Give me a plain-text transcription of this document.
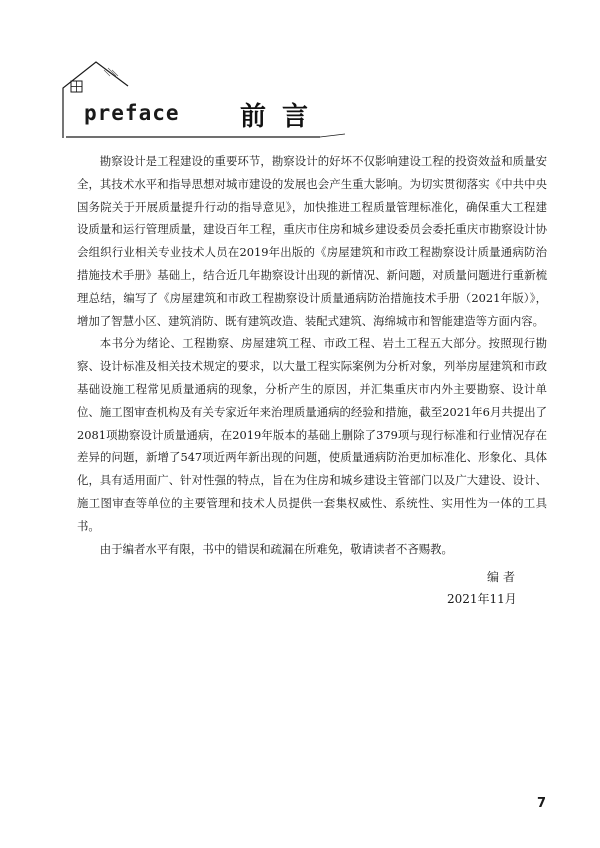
preface 前言

勘察设计是工程建设的重要环节，勘察设计的好坏不仅影响建设工程的投资效益和质量安全，其技术水平和指导思想对城市建设的发展也会产生重大影响。为切实贯彻落实《中共中央 国务院关于开展质量提升行动的指导意见》，加快推进工程质量管理标准化，确保重大工程建设质量和运行管理质量，建设百年工程，重庆市住房和城乡建设委员会委托重庆市勘察设计协会组织行业相关专业技术人员在2019年出版的《房屋建筑和市政工程勘察设计质量通病防治措施技术手册》基础上，结合近几年勘察设计出现的新情况、新问题，对质量问题进行重新梳理总结，编写了《房屋建筑和市政工程勘察设计质量通病防治措施技术手册（2021年版）》，增加了智慧小区、建筑消防、既有建筑改造、装配式建筑、海绵城市和智能建造等方面内容。

本书分为绪论、工程勘察、房屋建筑工程、市政工程、岩土工程五大部分。按照现行勘察、设计标准及相关技术规定的要求，以大量工程实际案例为分析对象，列举房屋建筑和市政基础设施工程常见质量通病的现象，分析产生的原因，并汇集重庆市内外主要勘察、设计单位、施工图审查机构及有关专家近年来治理质量通病的经验和措施，截至2021年6月共提出了2081项勘察设计质量通病，在2019年版本的基础上删除了379项与现行标准和行业情况存在差异的问题，新增了547项近两年新出现的问题，使质量通病防治更加标准化、形象化、具体化，具有适用面广、针对性强的特点，旨在为住房和城乡建设主管部门以及广大建设、设计、施工图审查等单位的主要管理和技术人员提供一套集权威性、系统性、实用性为一体的工具书。

由于编者水平有限，书中的错误和疏漏在所难免，敬请读者不吝赐教。

编者
2021年11月
7
